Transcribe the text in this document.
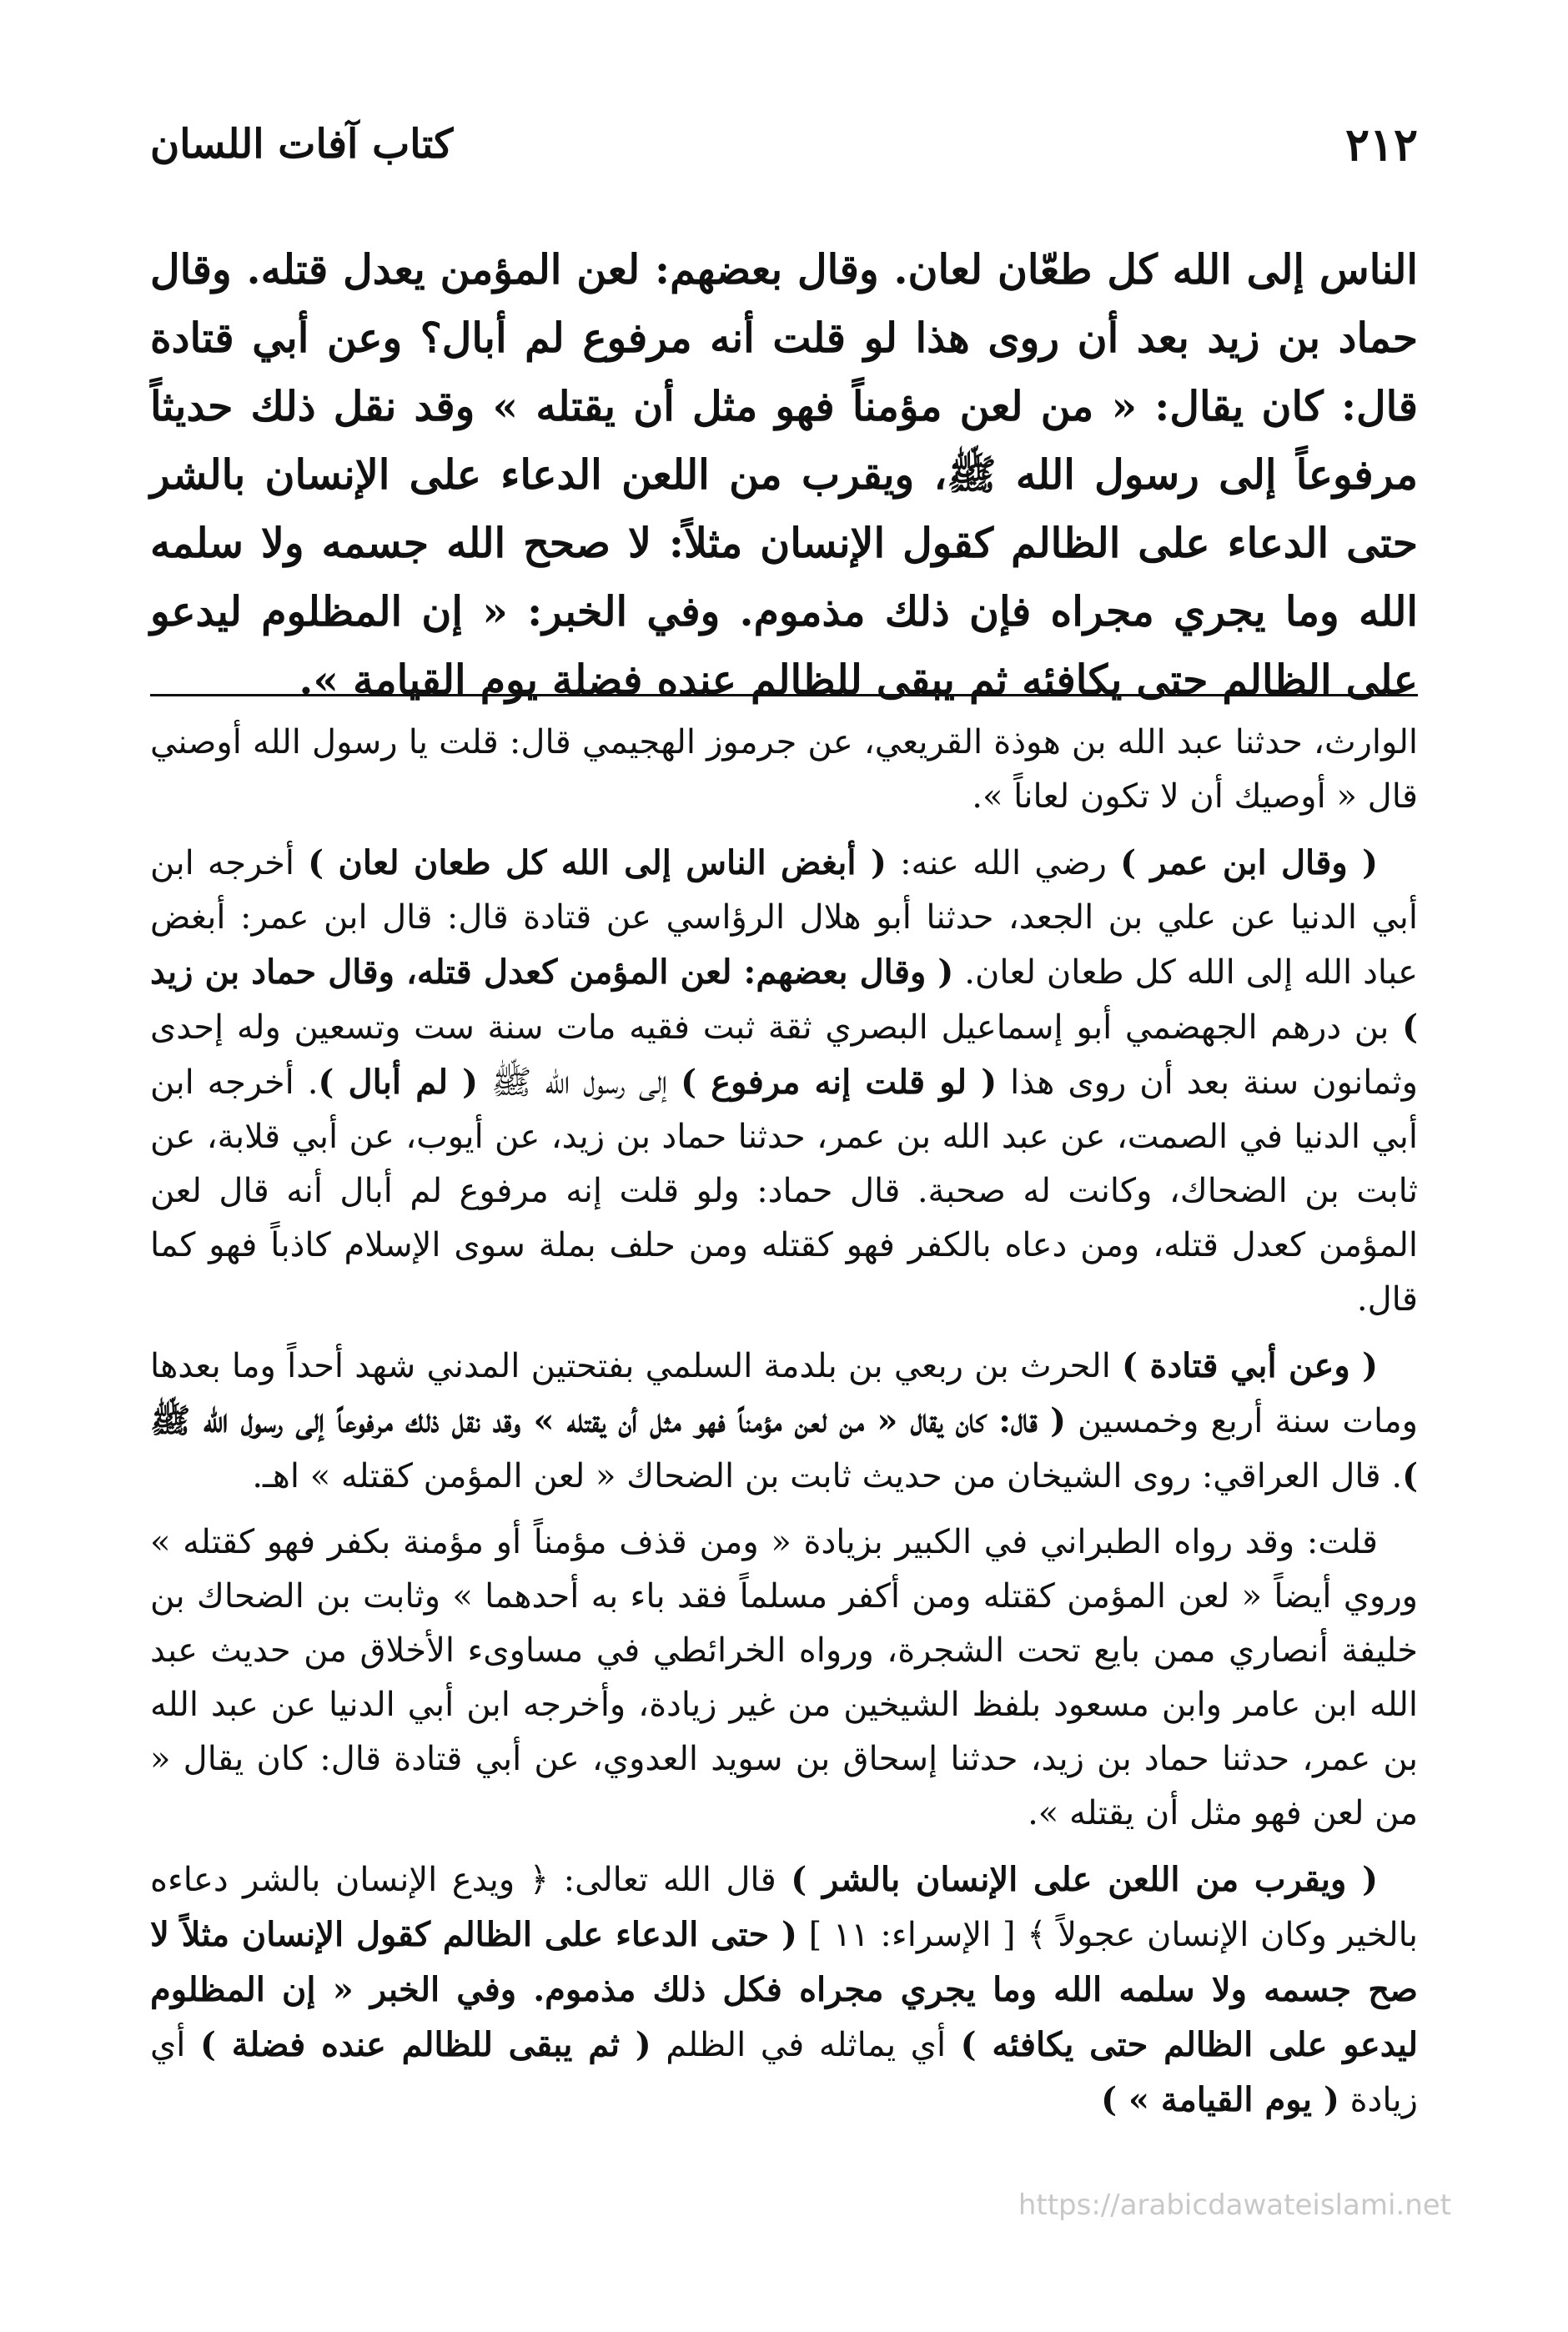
٢١٢
كتاب آفات اللسان

الناس إلى الله كل طعّان لعان. وقال بعضهم: لعن المؤمن يعدل قتله. وقال حماد بن زيد بعد أن روى هذا لو قلت أنه مرفوع لم أبال؟ وعن أبي قتادة قال: كان يقال: « من لعن مؤمناً فهو مثل أن يقتله » وقد نقل ذلك حديثاً مرفوعاً إلى رسول الله ﷺ، ويقرب من اللعن الدعاء على الإنسان بالشر حتى الدعاء على الظالم كقول الإنسان مثلاً: لا صحح الله جسمه ولا سلمه الله وما يجري مجراه فإن ذلك مذموم. وفي الخبر: « إن المظلوم ليدعو على الظالم حتى يكافئه ثم يبقى للظالم عنده فضلة يوم القيامة ».

الوارث، حدثنا عبد الله بن هوذة القريعي، عن جرموز الهجيمي قال: قلت يا رسول الله أوصني قال « أوصيك أن لا تكون لعاناً ».

( وقال ابن عمر ) رضي الله عنه: ( أبغض الناس إلى الله كل طعان لعان ) أخرجه ابن أبي الدنيا عن علي بن الجعد، حدثنا أبو هلال الرؤاسي عن قتادة قال: قال ابن عمر: أبغض عباد الله إلى الله كل طعان لعان. ( وقال بعضهم: لعن المؤمن كعدل قتله، وقال حماد بن زيد ) بن درهم الجهضمي أبو إسماعيل البصري ثقة ثبت فقيه مات سنة ست وتسعين وله إحدى وثمانون سنة بعد أن روى هذا ( لو قلت إنه مرفوع ) إلى رسول الله ﷺ ( لم أبال ). أخرجه ابن أبي الدنيا في الصمت، عن عبد الله بن عمر، حدثنا حماد بن زيد، عن أيوب، عن أبي قلابة، عن ثابت بن الضحاك، وكانت له صحبة. قال حماد: ولو قلت إنه مرفوع لم أبال أنه قال لعن المؤمن كعدل قتله، ومن دعاه بالكفر فهو كقتله ومن حلف بملة سوى الإسلام كاذباً فهو كما قال.

( وعن أبي قتادة ) الحرث بن ربعي بن بلدمة السلمي بفتحتين المدني شهد أحداً وما بعدها ومات سنة أربع وخمسين ( قال: كان يقال « من لعن مؤمناً فهو مثل أن يقتله » وقد نقل ذلك مرفوعاً إلى رسول الله ﷺ ). قال العراقي: روى الشيخان من حديث ثابت بن الضحاك « لعن المؤمن كقتله » اهـ.

قلت: وقد رواه الطبراني في الكبير بزيادة « ومن قذف مؤمناً أو مؤمنة بكفر فهو كقتله » وروي أيضاً « لعن المؤمن كقتله ومن أكفر مسلماً فقد باء به أحدهما » وثابت بن الضحاك بن خليفة أنصاري ممن بايع تحت الشجرة، ورواه الخرائطي في مساوىء الأخلاق من حديث عبد الله ابن عامر وابن مسعود بلفظ الشيخين من غير زيادة، وأخرجه ابن أبي الدنيا عن عبد الله بن عمر، حدثنا حماد بن زيد، حدثنا إسحاق بن سويد العدوي، عن أبي قتادة قال: كان يقال « من لعن فهو مثل أن يقتله ».

( ويقرب من اللعن على الإنسان بالشر ) قال الله تعالى: ﴿ ويدع الإنسان بالشر دعاءه بالخير وكان الإنسان عجولاً ﴾ [ الإسراء: ١١ ] ( حتى الدعاء على الظالم كقول الإنسان مثلاً لا صح جسمه ولا سلمه الله وما يجري مجراه فكل ذلك مذموم. وفي الخبر « إن المظلوم ليدعو على الظالم حتى يكافئه ) أي يماثله في الظلم ( ثم يبقى للظالم عنده فضلة ) أي زيادة ( يوم القيامة » )

https://arabicdawateislami.net
